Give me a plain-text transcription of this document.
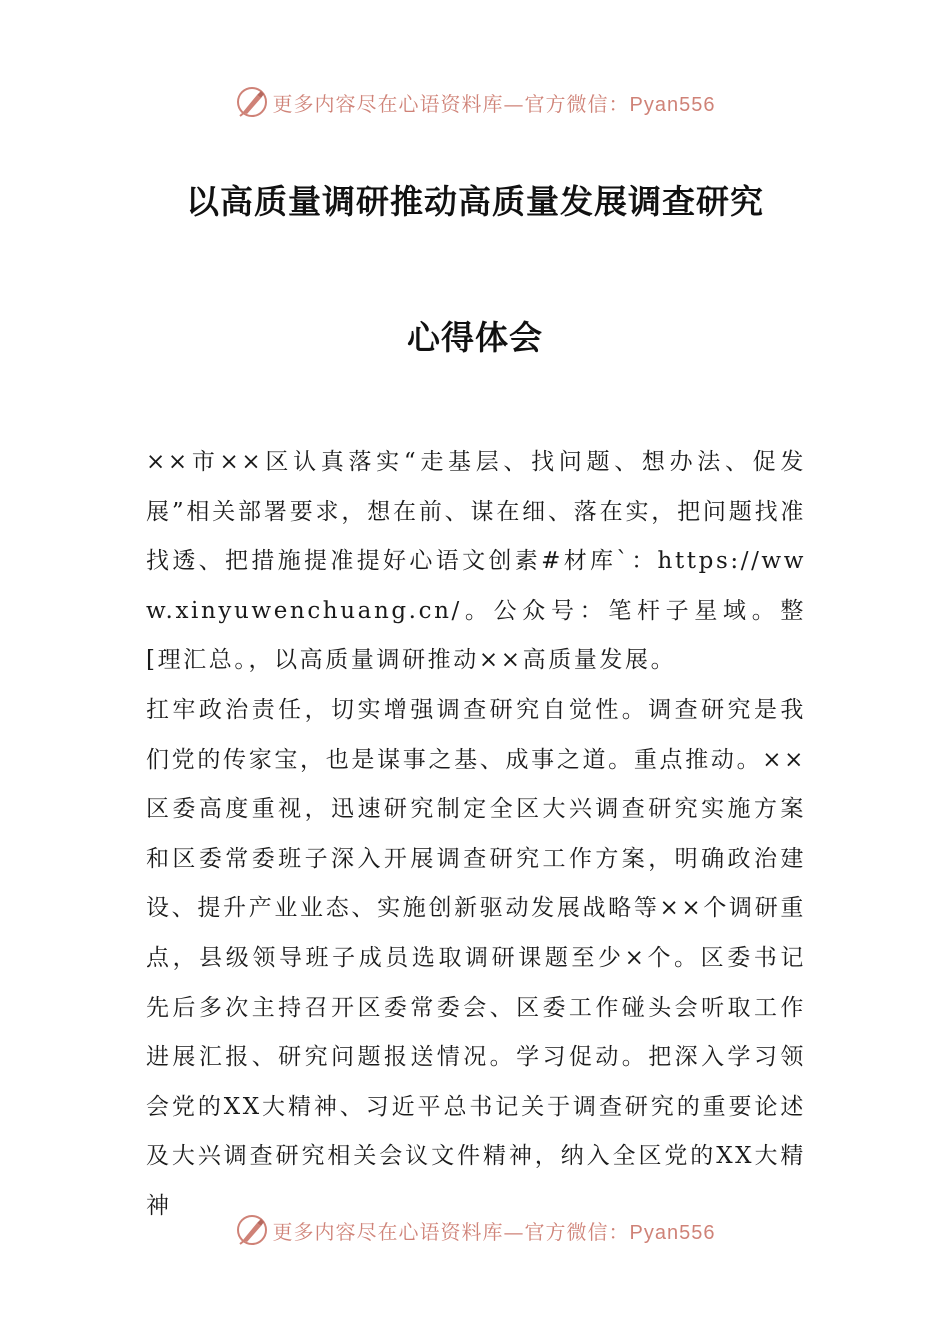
更多内容尽在心语资料库—官方微信：Pyan556
以高质量调研推动高质量发展调查研究
心得体会

××市××区认真落实“走基层、找问题、想办法、促发展”相关部署要求，想在前、谋在细、落在实，把问题找准找透、把措施提准提好心语文创素#材库`：https://www.xinyuwenchuang.cn/。公众号：笔杆子星域。整[理汇总。，以高质量调研推动××高质量发展。

扛牢政治责任，切实增强调查研究自觉性。调查研究是我们党的传家宝，也是谋事之基、成事之道。重点推动。××区委高度重视，迅速研究制定全区大兴调查研究实施方案和区委常委班子深入开展调查研究工作方案，明确政治建设、提升产业业态、实施创新驱动发展战略等××个调研重点，县级领导班子成员选取调研课题至少×个。区委书记先后多次主持召开区委常委会、区委工作碰头会听取工作进展汇报、研究问题报送情况。学习促动。把深入学习领会党的XX大精神、习近平总书记关于调查研究的重要论述及大兴调查研究相关会议文件精神，纳入全区党的XX大精神

更多内容尽在心语资料库—官方微信：Pyan556
